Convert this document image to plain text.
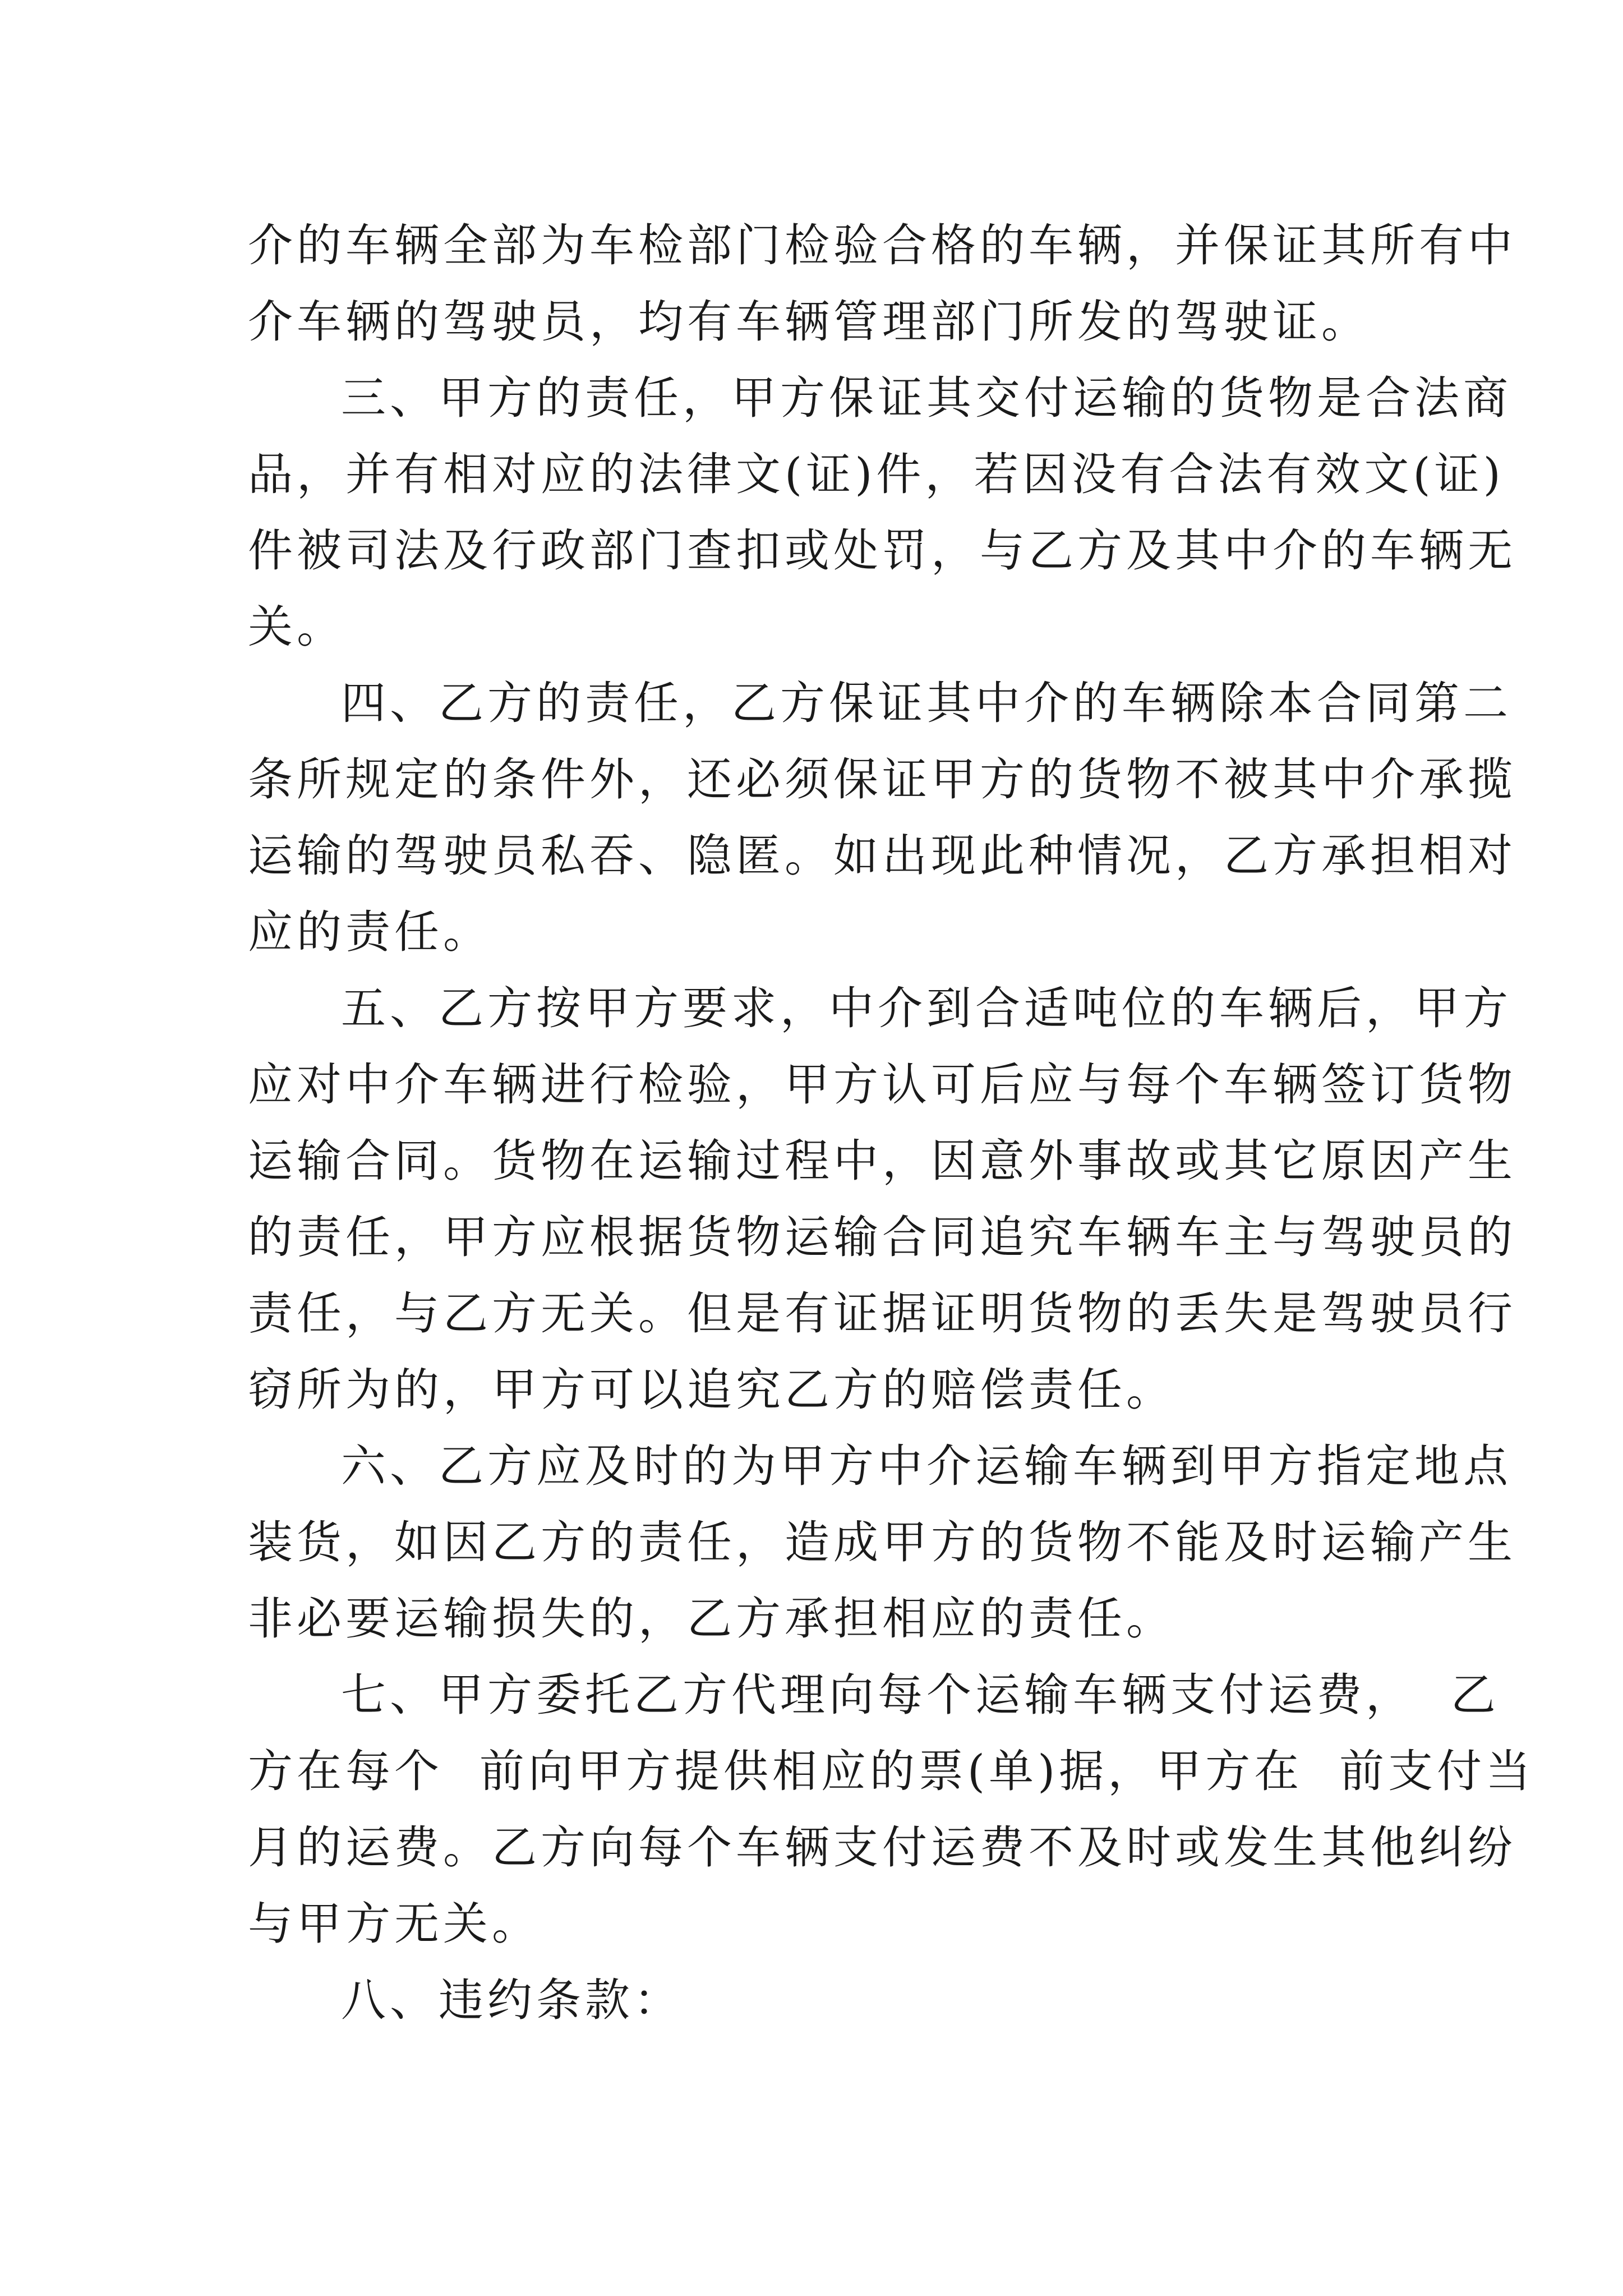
介的车辆全部为车检部门检验合格的车辆，并保证其所有中
介车辆的驾驶员，均有车辆管理部门所发的驾驶证。
三、甲方的责任，甲方保证其交付运输的货物是合法商
品，并有相对应的法律文(证)件，若因没有合法有效文(证)
件被司法及行政部门查扣或处罚，与乙方及其中介的车辆无
关。
四、乙方的责任，乙方保证其中介的车辆除本合同第二
条所规定的条件外，还必须保证甲方的货物不被其中介承揽
运输的驾驶员私吞、隐匿。如出现此种情况，乙方承担相对
应的责任。
五、乙方按甲方要求，中介到合适吨位的车辆后，甲方
应对中介车辆进行检验，甲方认可后应与每个车辆签订货物
运输合同。货物在运输过程中，因意外事故或其它原因产生
的责任，甲方应根据货物运输合同追究车辆车主与驾驶员的
责任，与乙方无关。但是有证据证明货物的丢失是驾驶员行
窃所为的，甲方可以追究乙方的赔偿责任。
六、乙方应及时的为甲方中介运输车辆到甲方指定地点
装货，如因乙方的责任，造成甲方的货物不能及时运输产生
非必要运输损失的，乙方承担相应的责任。
七、甲方委托乙方代理向每个运输车辆支付运费，  乙
方在每个  前向甲方提供相应的票(单)据，甲方在  前支付当
月的运费。乙方向每个车辆支付运费不及时或发生其他纠纷
与甲方无关。
八、违约条款：
